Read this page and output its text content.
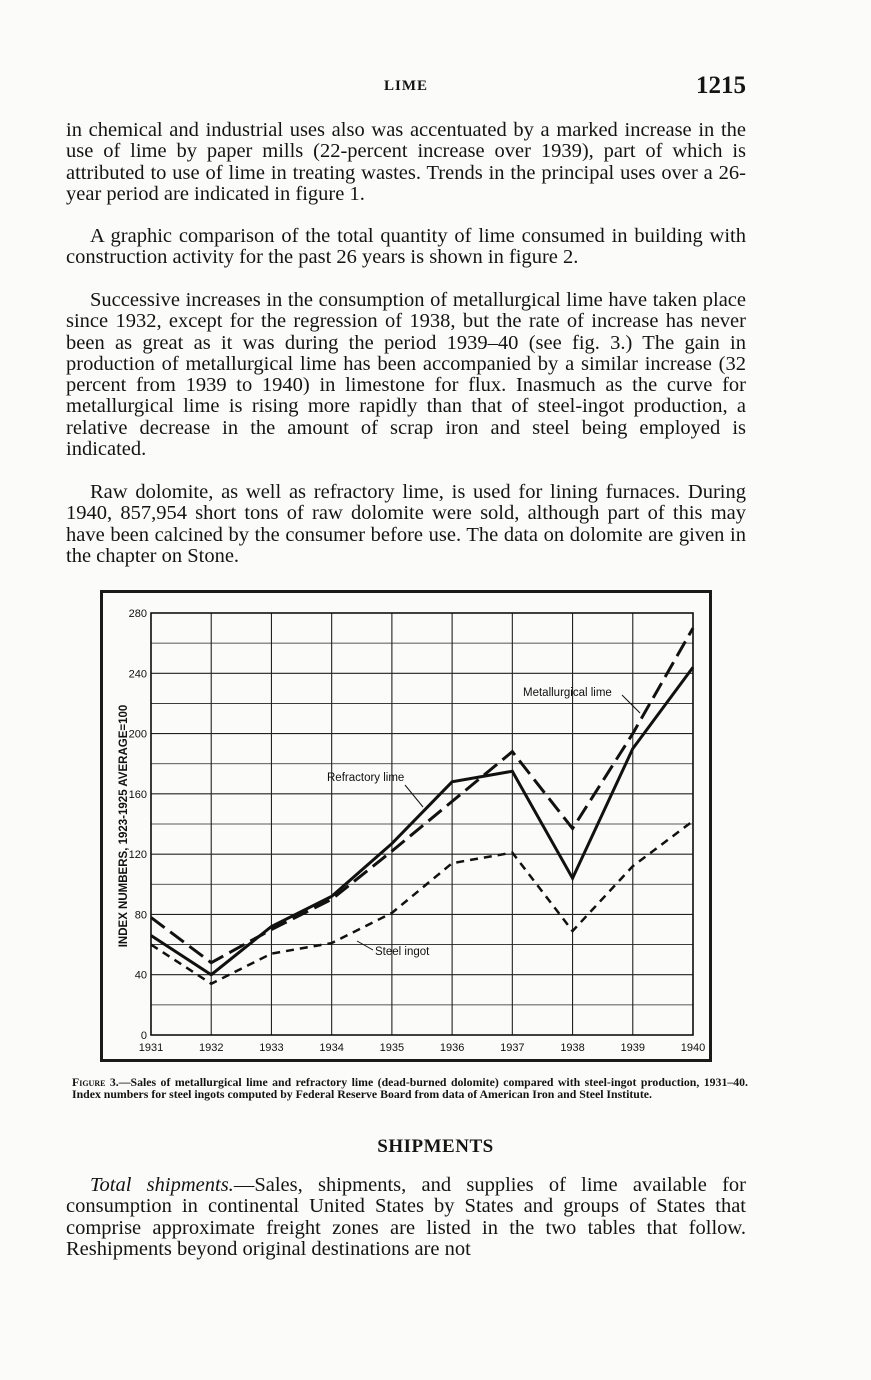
LIME	1215

in chemical and industrial uses also was accentuated by a marked increase in the use of lime by paper mills (22-percent increase over 1939), part of which is attributed to use of lime in treating wastes. Trends in the principal uses over a 26-year period are indicated in figure 1.

A graphic comparison of the total quantity of lime consumed in building with construction activity for the past 26 years is shown in figure 2.

Successive increases in the consumption of metallurgical lime have taken place since 1932, except for the regression of 1938, but the rate of increase has never been as great as it was during the period 1939–40 (see fig. 3.) The gain in production of metallurgical lime has been accompanied by a similar increase (32 percent from 1939 to 1940) in limestone for flux. Inasmuch as the curve for metallurgical lime is rising more rapidly than that of steel-ingot production, a relative decrease in the amount of scrap iron and steel being employed is indicated.

Raw dolomite, as well as refractory lime, is used for lining furnaces. During 1940, 857,954 short tons of raw dolomite were sold, although part of this may have been calcined by the consumer before use. The data on dolomite are given in the chapter on Stone.

0
40
80
120
160
200
240
280
1931	1932	1933	1934	1935	1936	1937	1938	1939	1940
INDEX NUMBERS, 1923-1925 AVERAGE=100
Metallurgical lime
Refractory lime
Steel ingot

Figure 3.—Sales of metallurgical lime and refractory lime (dead-burned dolomite) compared with steel-ingot production, 1931–40. Index numbers for steel ingots computed by Federal Reserve Board from data of American Iron and Steel Institute.

SHIPMENTS

Total shipments.—Sales, shipments, and supplies of lime available for consumption in continental United States by States and groups of States that comprise approximate freight zones are listed in the two tables that follow. Reshipments beyond original destinations are not
